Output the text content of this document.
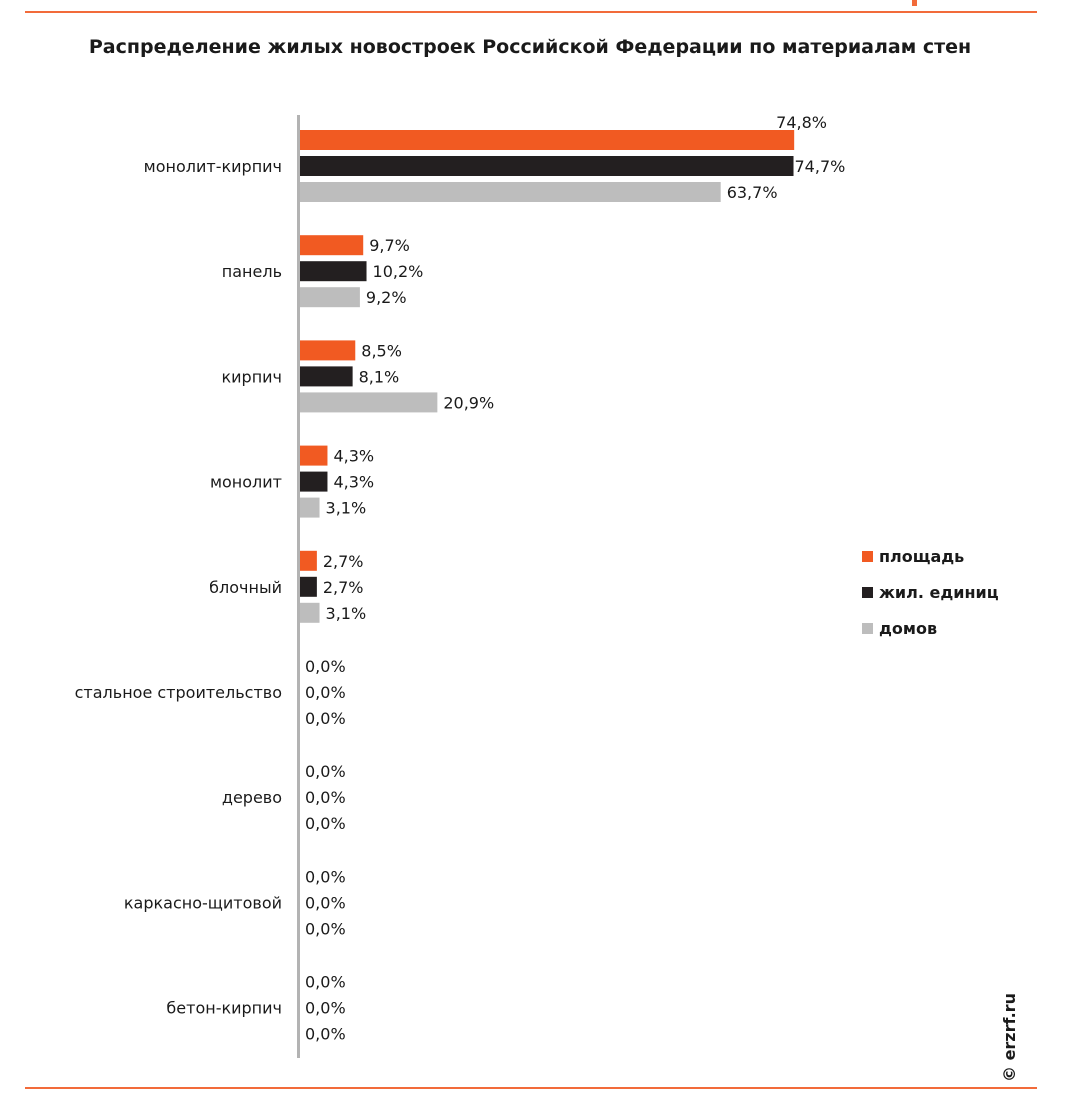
Распределение жилых новостроек Российской Федерации по материалам стен
монолит-кирпич
74,8%
74,7%
63,7%
панель
9,7%
10,2%
9,2%
кирпич
8,5%
8,1%
20,9%
монолит
4,3%
4,3%
3,1%
блочный
2,7%
2,7%
3,1%
стальное строительство
0,0%
0,0%
0,0%
дерево
0,0%
0,0%
0,0%
каркасно-щитовой
0,0%
0,0%
0,0%
бетон-кирпич
0,0%
0,0%
0,0%
площадь
жил. единиц
домов
© erzrf.ru
